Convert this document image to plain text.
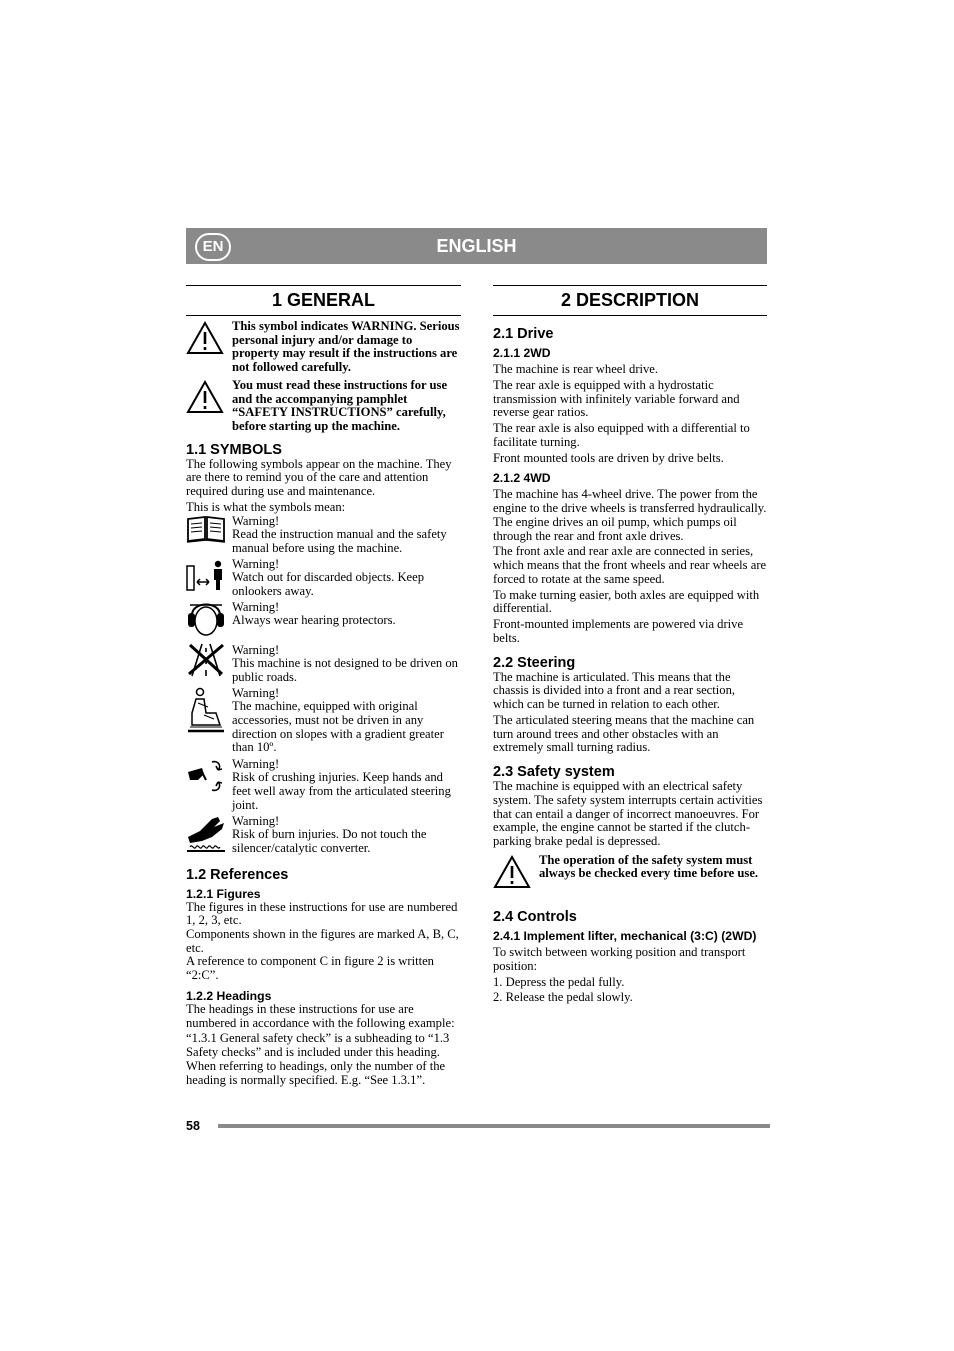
EN	ENGLISH
1 GENERAL

This symbol indicates WARNING. Serious personal injury and/or damage to property may result if the instructions are not followed carefully.

You must read these instructions for use and the accompanying pamphlet “SAFETY INSTRUCTIONS” carefully, before starting up the machine.

1.1 SYMBOLS

The following symbols appear on the machine. They are there to remind you of the care and attention required during use and maintenance.

This is what the symbols mean:

Warning!

Read the instruction manual and the safety manual before using the machine.

Warning!

Watch out for discarded objects. Keep onlookers away.

Warning!

Always wear hearing protectors.

Warning!

This machine is not designed to be driven on public roads.

Warning!

The machine, equipped with original accessories, must not be driven in any direction on slopes with a gradient greater than 10º.

Warning!

Risk of crushing injuries. Keep hands and feet well away from the articulated steering joint.

Warning!

Risk of burn injuries. Do not touch the silencer/catalytic converter.

1.2 References
1.2.1 Figures

The figures in these instructions for use are numbered 1, 2, 3, etc.

Components shown in the figures are marked A, B, C, etc.

A reference to component C in figure 2 is written “2:C”.

1.2.2 Headings

The headings in these instructions for use are numbered in accordance with the following example:

“1.3.1 General safety check” is a subheading to “1.3 Safety checks” and is included under this heading.

When referring to headings, only the number of the heading is normally specified. E.g. “See 1.3.1”.

2 DESCRIPTION
2.1 Drive
2.1.1 2WD

The machine is rear wheel drive.

The rear axle is equipped with a hydrostatic transmission with infinitely variable forward and reverse gear ratios.

The rear axle is also equipped with a differential to facilitate turning.

Front mounted tools are driven by drive belts.

2.1.2 4WD

The machine has 4-wheel drive. The power from the engine to the drive wheels is transferred hydraulically. The engine drives an oil pump, which pumps oil through the rear and front axle drives.

The front axle and rear axle are connected in series, which means that the front wheels and rear wheels are forced to rotate at the same speed.

To make turning easier, both axles are equipped with differential.

Front-mounted implements are powered via drive belts.

2.2 Steering

The machine is articulated. This means that the chassis is divided into a front and a rear section, which can be turned in relation to each other.

The articulated steering means that the machine can turn around trees and other obstacles with an extremely small turning radius.

2.3 Safety system

The machine is equipped with an electrical safety system. The safety system interrupts certain activities that can entail a danger of incorrect manoeuvres. For example, the engine cannot be started if the clutch-parking brake pedal is depressed.

The operation of the safety system must always be checked every time before use.

2.4 Controls
2.4.1 Implement lifter, mechanical (3:C) (2WD)

To switch between working position and transport position:

1. Depress the pedal fully.
2. Release the pedal slowly.
58
